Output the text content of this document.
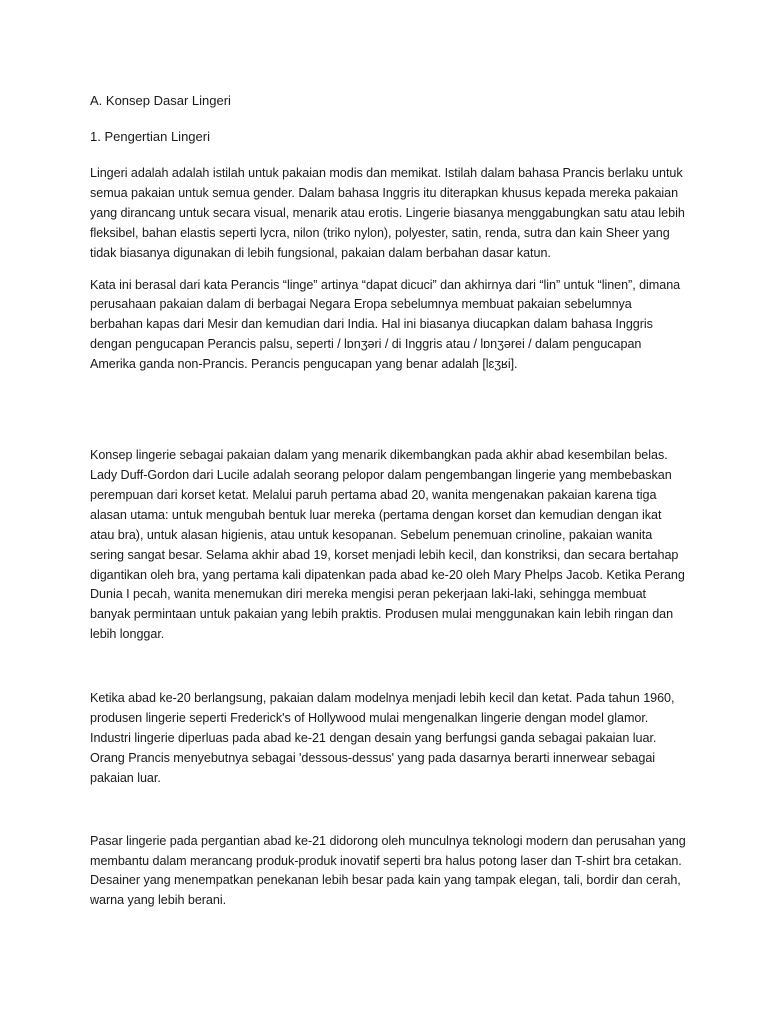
A. Konsep Dasar Lingeri

1. Pengertian Lingeri

Lingeri adalah adalah istilah untuk pakaian modis dan memikat. Istilah dalam bahasa Prancis berlaku untuk semua pakaian untuk semua gender. Dalam bahasa Inggris itu diterapkan khusus kepada mereka pakaian yang dirancang untuk secara visual, menarik atau erotis. Lingerie biasanya menggabungkan satu atau lebih fleksibel, bahan elastis seperti lycra, nilon (triko nylon), polyester, satin, renda, sutra dan kain Sheer yang tidak biasanya digunakan di lebih fungsional, pakaian dalam berbahan dasar katun.

Kata ini berasal dari kata Perancis “linge” artinya “dapat dicuci” dan akhirnya dari “lin” untuk “linen”, dimana perusahaan pakaian dalam di berbagai Negara Eropa sebelumnya membuat pakaian sebelumnya berbahan kapas dari Mesir dan kemudian dari India. Hal ini biasanya diucapkan dalam bahasa Inggris dengan pengucapan Perancis palsu, seperti / lɒnʒəri / di Inggris atau / lɒnʒərei / dalam pengucapan Amerika ganda non-Prancis. Perancis pengucapan yang benar adalah [lɛʒʁi].

Konsep lingerie sebagai pakaian dalam yang menarik dikembangkan pada akhir abad kesembilan belas. Lady Duff-Gordon dari Lucile adalah seorang pelopor dalam pengembangan lingerie yang membebaskan perempuan dari korset ketat. Melalui paruh pertama abad 20, wanita mengenakan pakaian karena tiga alasan utama: untuk mengubah bentuk luar mereka (pertama dengan korset dan kemudian dengan ikat atau bra), untuk alasan higienis, atau untuk kesopanan. Sebelum penemuan crinoline, pakaian wanita sering sangat besar. Selama akhir abad 19, korset menjadi lebih kecil, dan konstriksi, dan secara bertahap digantikan oleh bra, yang pertama kali dipatenkan pada abad ke-20 oleh Mary Phelps Jacob. Ketika Perang Dunia I pecah, wanita menemukan diri mereka mengisi peran pekerjaan laki-laki, sehingga membuat banyak permintaan untuk pakaian yang lebih praktis. Produsen mulai menggunakan kain lebih ringan dan lebih longgar.

Ketika abad ke-20 berlangsung, pakaian dalam modelnya menjadi lebih kecil dan ketat. Pada tahun 1960, produsen lingerie seperti Frederick's of Hollywood mulai mengenalkan lingerie dengan model glamor. Industri lingerie diperluas pada abad ke-21 dengan desain yang berfungsi ganda sebagai pakaian luar. Orang Prancis menyebutnya sebagai 'dessous-dessus' yang pada dasarnya berarti innerwear sebagai pakaian luar.

Pasar lingerie pada pergantian abad ke-21 didorong oleh munculnya teknologi modern dan perusahan yang membantu dalam merancang produk-produk inovatif seperti bra halus potong laser dan T-shirt bra cetakan. Desainer yang menempatkan penekanan lebih besar pada kain yang tampak elegan, tali, bordir dan cerah, warna yang lebih berani.
